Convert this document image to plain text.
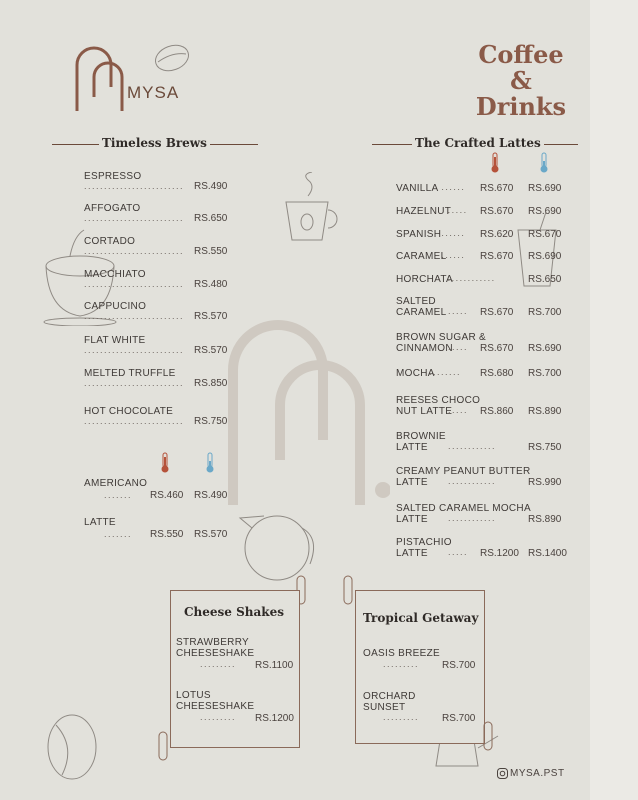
MYSA
Coffee
&
Drinks
Timeless Brews
ESPRESSO
......................... RS.490
AFFOGATO
......................... RS.650
CORTADO
......................... RS.550
MACCHIATO
......................... RS.480
CAPPUCINO
......................... RS.570
FLAT WHITE
......................... RS.570
MELTED TRUFFLE
......................... RS.850
HOT CHOCOLATE
......................... RS.750
AMERICANO
....... RS.460 RS.490
LATTE
....... RS.550 RS.570
The Crafted Lattes
VANILLA ...... RS.670 RS.690
HAZELNUT
..... RS.670 RS.690
SPANISH ...... RS.620 RS.670
CARAMEL
...... RS.670 RS.690
HORCHATA
............	RS.650
SALTED
CARAMEL ..... RS.670 RS.700
BROWN SUGAR &
CINNAMON
..... RS.670 RS.690
MOCHA
........ RS.680 RS.700
REESES CHOCO
NUT LATTE
..... RS.860 RS.890
BROWNIE
LATTE ............	RS.750
CREAMY PEANUT BUTTER
LATTE ............	RS.990
SALTED CARAMEL MOCHA
LATTE ............	RS.890
PISTACHIO
LATTE ..... RS.1200 RS.1400
Cheese Shakes
STRAWBERRY
CHEESESHAKE
......... RS.1100
LOTUS
CHEESESHAKE
......... RS.1200
Tropical Getaway
OASIS BREEZE
......... RS.700
ORCHARD
SUNSET
......... RS.700
MYSA.PST
